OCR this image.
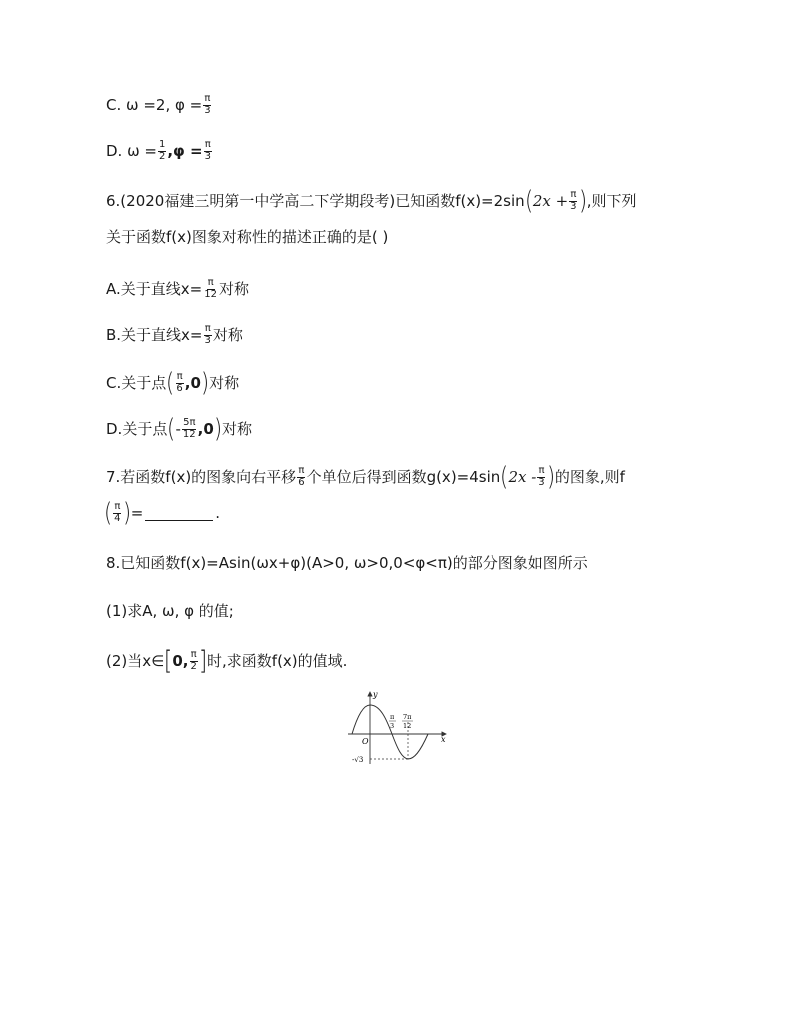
C. ω =2, $\varphi = \frac{\pi}{3}$
D. $\omega = \frac{1}{2} ,\varphi = \frac{\pi}{3}$
6.(2020福建三明第一中学高二下学期段考)已知函数f(x)=2sin ( $2x + \frac{\pi}{3}$ ) ,则下列
关于函数f(x)图象对称性的描述正确的是( )
A.关于直线$x= \frac{\pi}{12}$ 对称
B.关于直线$x= \frac{\pi}{3}$ 对称
C.关于点 ( $\frac{\pi}{6} ,0$ ) 对称
D.关于点 ( - $\frac{5\pi}{12} ,0$ ) 对称
7.若函数f(x)的图象向右平移 $\frac{\pi}{6}$ 个单位后得到函数g(x)=4sin ( $2x - \frac{\pi}{3}$ ) 的图象,则f
( $\frac{\pi}{4}$ ) =	.
8.已知函数f(x)=Asin(ωx+φ)(A>0, ω>0,0<φ<π)的部分图象如图所示
(1)求A, ω, φ 的值;
(2)当x∈ [ 0, $\frac{\pi}{2}$ ] 时,求函数f(x)的值域.
y
x
O
π
3
7π
12
-√3
